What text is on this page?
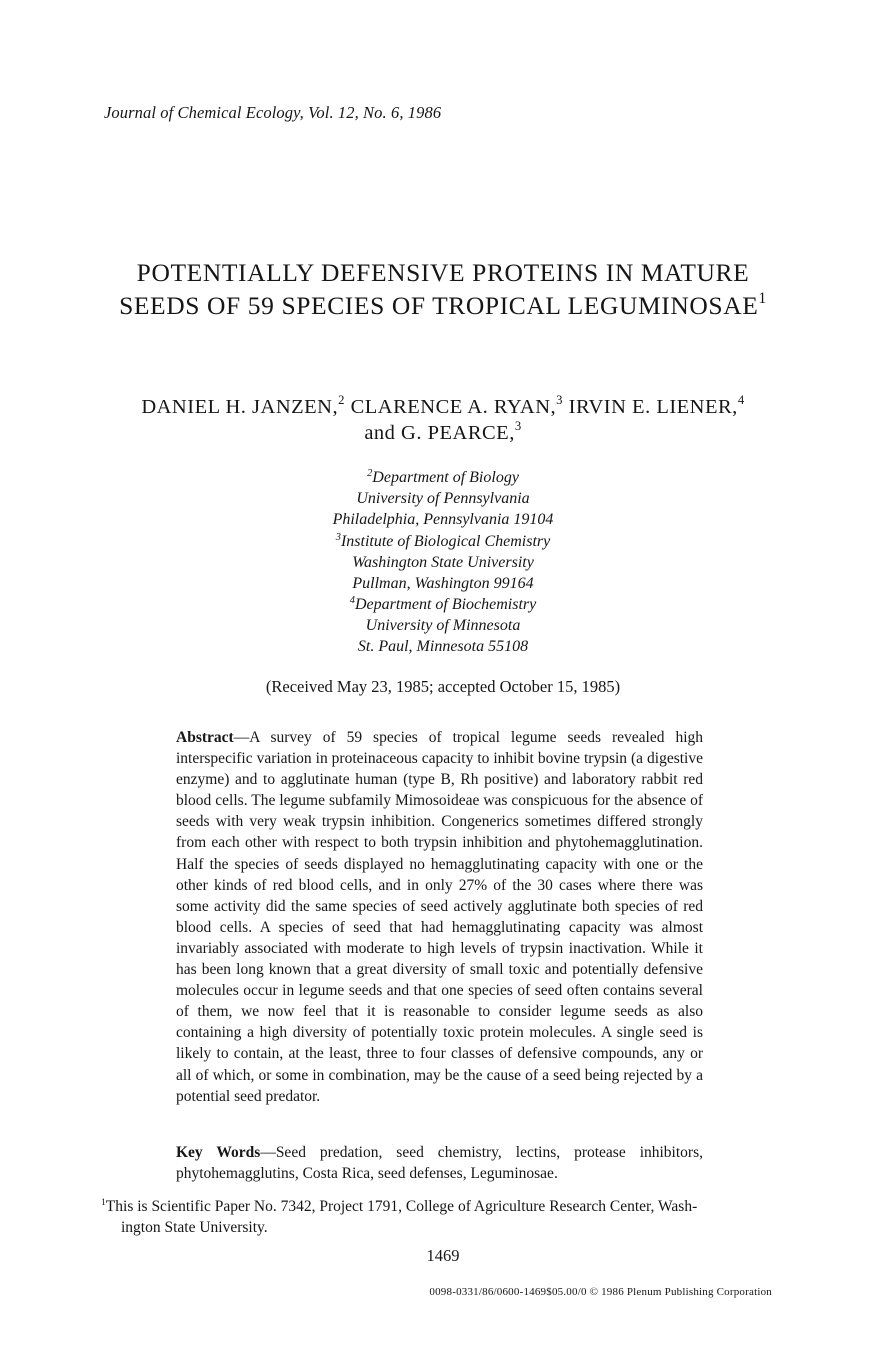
Journal of Chemical Ecology, Vol. 12, No. 6, 1986
POTENTIALLY DEFENSIVE PROTEINS IN MATURE
SEEDS OF 59 SPECIES OF TROPICAL LEGUMINOSAE$^1$
DANIEL H. JANZEN,$^2$ CLARENCE A. RYAN,$^3$ IRVIN E. LIENER,$^4$
and G. PEARCE,$^3$
$^2$Department of Biology
University of Pennsylvania
Philadelphia, Pennsylvania 19104
$^3$Institute of Biological Chemistry
Washington State University
Pullman, Washington 99164
$^4$Department of Biochemistry
University of Minnesota
St. Paul, Minnesota 55108
(Received May 23, 1985; accepted October 15, 1985)
Abstract—A survey of 59 species of tropical legume seeds revealed high interspecific variation in proteinaceous capacity to inhibit bovine trypsin (a digestive enzyme) and to agglutinate human (type B, Rh positive) and laboratory rabbit red blood cells. The legume subfamily Mimosoideae was conspicuous for the absence of seeds with very weak trypsin inhibition. Congenerics sometimes differed strongly from each other with respect to both trypsin inhibition and phytohemagglutination. Half the species of seeds displayed no hemagglutinating capacity with one or the other kinds of red blood cells, and in only 27% of the 30 cases where there was some activity did the same species of seed actively agglutinate both species of red blood cells. A species of seed that had hemagglutinating capacity was almost invariably associated with moderate to high levels of trypsin inactivation. While it has been long known that a great diversity of small toxic and potentially defensive molecules occur in legume seeds and that one species of seed often contains several of them, we now feel that it is reasonable to consider legume seeds as also containing a high diversity of potentially toxic protein molecules. A single seed is likely to contain, at the least, three to four classes of defensive compounds, any or all of which, or some in combination, may be the cause of a seed being rejected by a potential seed predator.
Key Words—Seed predation, seed chemistry, lectins, protease inhibitors, phytohemagglutins, Costa Rica, seed defenses, Leguminosae.
$^1$This is Scientific Paper No. 7342, Project 1791, College of Agriculture Research Center, Wash-
ington State University.
1469
0098-0331/86/0600-1469$05.00/0 © 1986 Plenum Publishing Corporation
